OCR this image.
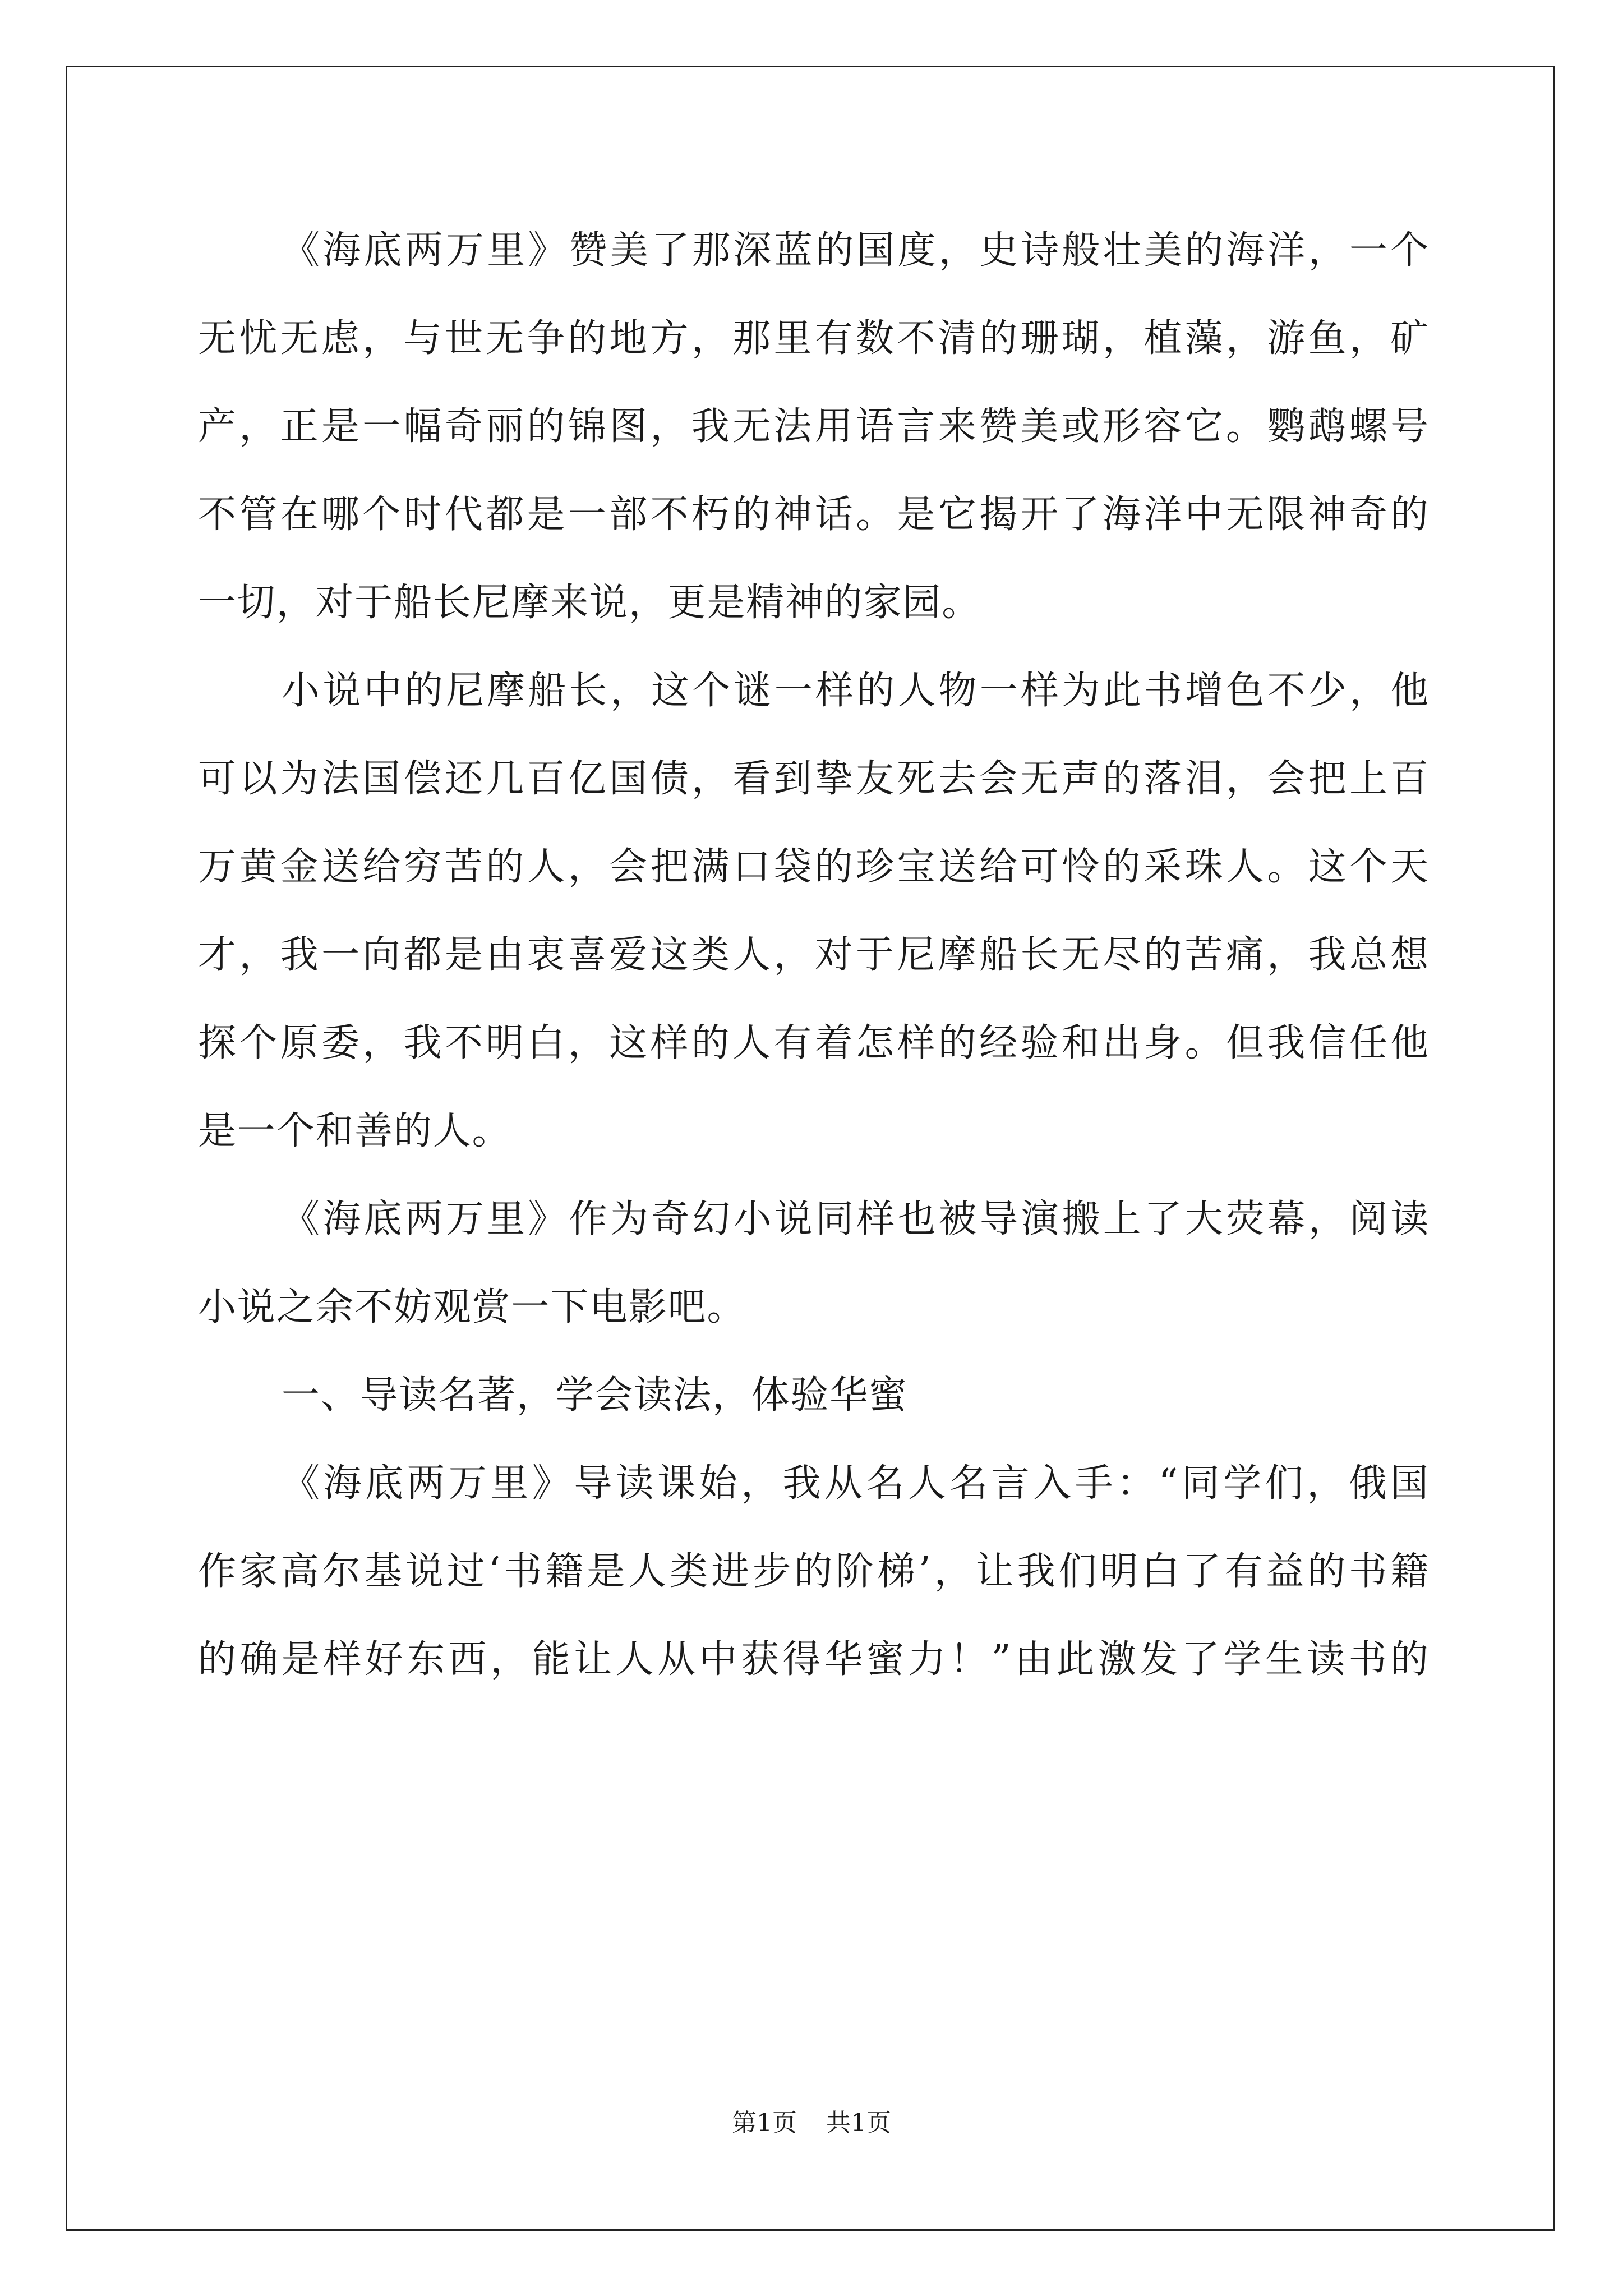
《海底两万里》赞美了那深蓝的国度，史诗般壮美的海洋，一个
无忧无虑，与世无争的地方，那里有数不清的珊瑚，植藻，游鱼，矿
产，正是一幅奇丽的锦图，我无法用语言来赞美或形容它。鹦鹉螺号
不管在哪个时代都是一部不朽的神话。是它揭开了海洋中无限神奇的
一切，对于船长尼摩来说，更是精神的家园。
小说中的尼摩船长，这个谜一样的人物一样为此书增色不少，他
可以为法国偿还几百亿国债，看到挚友死去会无声的落泪，会把上百
万黄金送给穷苦的人，会把满口袋的珍宝送给可怜的采珠人。这个天
才，我一向都是由衷喜爱这类人，对于尼摩船长无尽的苦痛，我总想
探个原委，我不明白，这样的人有着怎样的经验和出身。但我信任他
是一个和善的人。
《海底两万里》作为奇幻小说同样也被导演搬上了大荧幕，阅读
小说之余不妨观赏一下电影吧。
一、导读名著，学会读法，体验华蜜
《海底两万里》导读课始，我从名人名言入手：“同学们，俄国
作家高尔基说过‘书籍是人类进步的阶梯’，让我们明白了有益的书籍
的确是样好东西，能让人从中获得华蜜力！”由此激发了学生读书的
第1页 共1页
